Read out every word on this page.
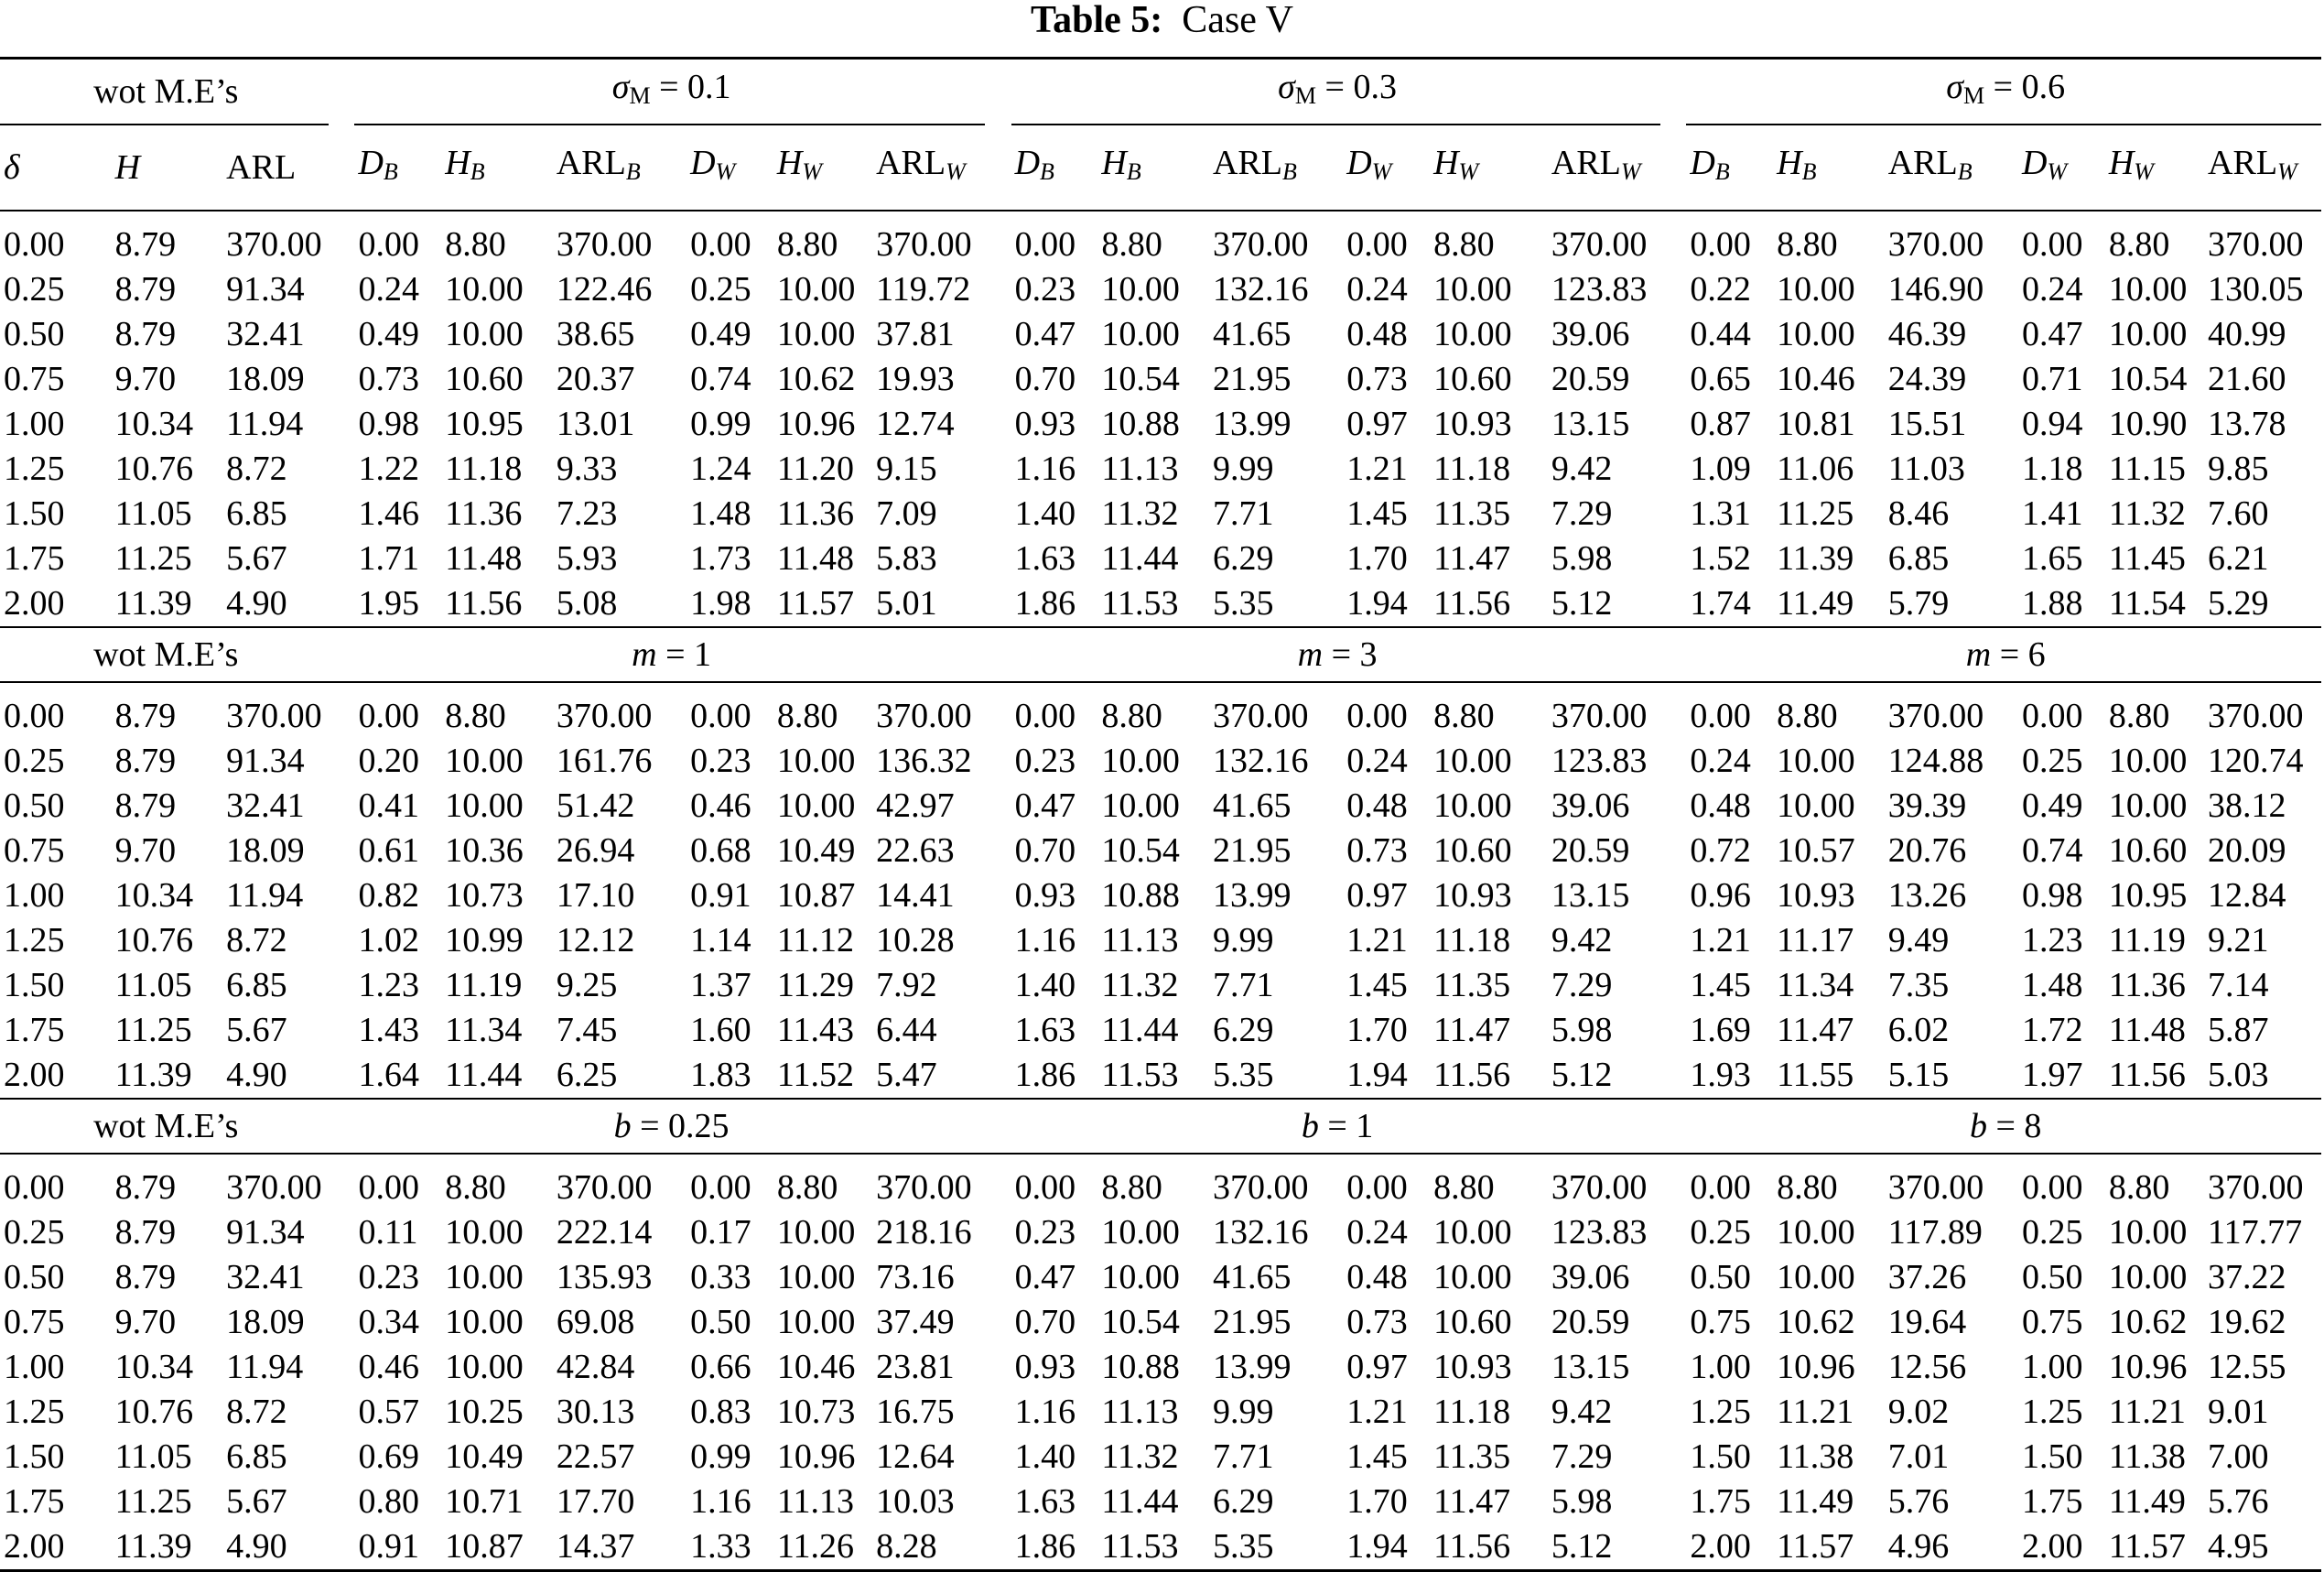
Table 5: Case V
wot M.E’s				$\sigma_M = 0.1$							$\sigma_M = 0.3$							$\sigma_M = 0.6$					
δ	H	ARL		$D_B$	$H_B$	$ARL_B$	$D_W$	$H_W$	$ARL_W$		$D_B$	$H_B$	$ARL_B$	$D_W$	$H_W$	$ARL_W$		$D_B$	$H_B$	$ARL_B$	$D_W$	$H_W$	$ARL_W$
0.00	8.79	370.00		0.00	8.80	370.00	0.00	8.80	370.00		0.00	8.80	370.00	0.00	8.80	370.00		0.00	8.80	370.00	0.00	8.80	370.00
0.25	8.79	91.34		0.24	10.00	122.46	0.25	10.00	119.72		0.23	10.00	132.16	0.24	10.00	123.83		0.22	10.00	146.90	0.24	10.00	130.05
0.50	8.79	32.41		0.49	10.00	38.65	0.49	10.00	37.81		0.47	10.00	41.65	0.48	10.00	39.06		0.44	10.00	46.39	0.47	10.00	40.99
0.75	9.70	18.09		0.73	10.60	20.37	0.74	10.62	19.93		0.70	10.54	21.95	0.73	10.60	20.59		0.65	10.46	24.39	0.71	10.54	21.60
1.00	10.34	11.94		0.98	10.95	13.01	0.99	10.96	12.74		0.93	10.88	13.99	0.97	10.93	13.15		0.87	10.81	15.51	0.94	10.90	13.78
1.25	10.76	8.72		1.22	11.18	9.33	1.24	11.20	9.15		1.16	11.13	9.99	1.21	11.18	9.42		1.09	11.06	11.03	1.18	11.15	9.85
1.50	11.05	6.85		1.46	11.36	7.23	1.48	11.36	7.09		1.40	11.32	7.71	1.45	11.35	7.29		1.31	11.25	8.46	1.41	11.32	7.60
1.75	11.25	5.67		1.71	11.48	5.93	1.73	11.48	5.83		1.63	11.44	6.29	1.70	11.47	5.98		1.52	11.39	6.85	1.65	11.45	6.21
2.00	11.39	4.90		1.95	11.56	5.08	1.98	11.57	5.01		1.86	11.53	5.35	1.94	11.56	5.12		1.74	11.49	5.79	1.88	11.54	5.29
wot M.E’s				m = 1							m = 3							m = 6					
0.00	8.79	370.00		0.00	8.80	370.00	0.00	8.80	370.00		0.00	8.80	370.00	0.00	8.80	370.00		0.00	8.80	370.00	0.00	8.80	370.00
0.25	8.79	91.34		0.20	10.00	161.76	0.23	10.00	136.32		0.23	10.00	132.16	0.24	10.00	123.83		0.24	10.00	124.88	0.25	10.00	120.74
0.50	8.79	32.41		0.41	10.00	51.42	0.46	10.00	42.97		0.47	10.00	41.65	0.48	10.00	39.06		0.48	10.00	39.39	0.49	10.00	38.12
0.75	9.70	18.09		0.61	10.36	26.94	0.68	10.49	22.63		0.70	10.54	21.95	0.73	10.60	20.59		0.72	10.57	20.76	0.74	10.60	20.09
1.00	10.34	11.94		0.82	10.73	17.10	0.91	10.87	14.41		0.93	10.88	13.99	0.97	10.93	13.15		0.96	10.93	13.26	0.98	10.95	12.84
1.25	10.76	8.72		1.02	10.99	12.12	1.14	11.12	10.28		1.16	11.13	9.99	1.21	11.18	9.42		1.21	11.17	9.49	1.23	11.19	9.21
1.50	11.05	6.85		1.23	11.19	9.25	1.37	11.29	7.92		1.40	11.32	7.71	1.45	11.35	7.29		1.45	11.34	7.35	1.48	11.36	7.14
1.75	11.25	5.67		1.43	11.34	7.45	1.60	11.43	6.44		1.63	11.44	6.29	1.70	11.47	5.98		1.69	11.47	6.02	1.72	11.48	5.87
2.00	11.39	4.90		1.64	11.44	6.25	1.83	11.52	5.47		1.86	11.53	5.35	1.94	11.56	5.12		1.93	11.55	5.15	1.97	11.56	5.03
wot M.E’s				b = 0.25							b = 1							b = 8					
0.00	8.79	370.00		0.00	8.80	370.00	0.00	8.80	370.00		0.00	8.80	370.00	0.00	8.80	370.00		0.00	8.80	370.00	0.00	8.80	370.00
0.25	8.79	91.34		0.11	10.00	222.14	0.17	10.00	218.16		0.23	10.00	132.16	0.24	10.00	123.83		0.25	10.00	117.89	0.25	10.00	117.77
0.50	8.79	32.41		0.23	10.00	135.93	0.33	10.00	73.16		0.47	10.00	41.65	0.48	10.00	39.06		0.50	10.00	37.26	0.50	10.00	37.22
0.75	9.70	18.09		0.34	10.00	69.08	0.50	10.00	37.49		0.70	10.54	21.95	0.73	10.60	20.59		0.75	10.62	19.64	0.75	10.62	19.62
1.00	10.34	11.94		0.46	10.00	42.84	0.66	10.46	23.81		0.93	10.88	13.99	0.97	10.93	13.15		1.00	10.96	12.56	1.00	10.96	12.55
1.25	10.76	8.72		0.57	10.25	30.13	0.83	10.73	16.75		1.16	11.13	9.99	1.21	11.18	9.42		1.25	11.21	9.02	1.25	11.21	9.01
1.50	11.05	6.85		0.69	10.49	22.57	0.99	10.96	12.64		1.40	11.32	7.71	1.45	11.35	7.29		1.50	11.38	7.01	1.50	11.38	7.00
1.75	11.25	5.67		0.80	10.71	17.70	1.16	11.13	10.03		1.63	11.44	6.29	1.70	11.47	5.98		1.75	11.49	5.76	1.75	11.49	5.76
2.00	11.39	4.90		0.91	10.87	14.37	1.33	11.26	8.28		1.86	11.53	5.35	1.94	11.56	5.12		2.00	11.57	4.96	2.00	11.57	4.95
